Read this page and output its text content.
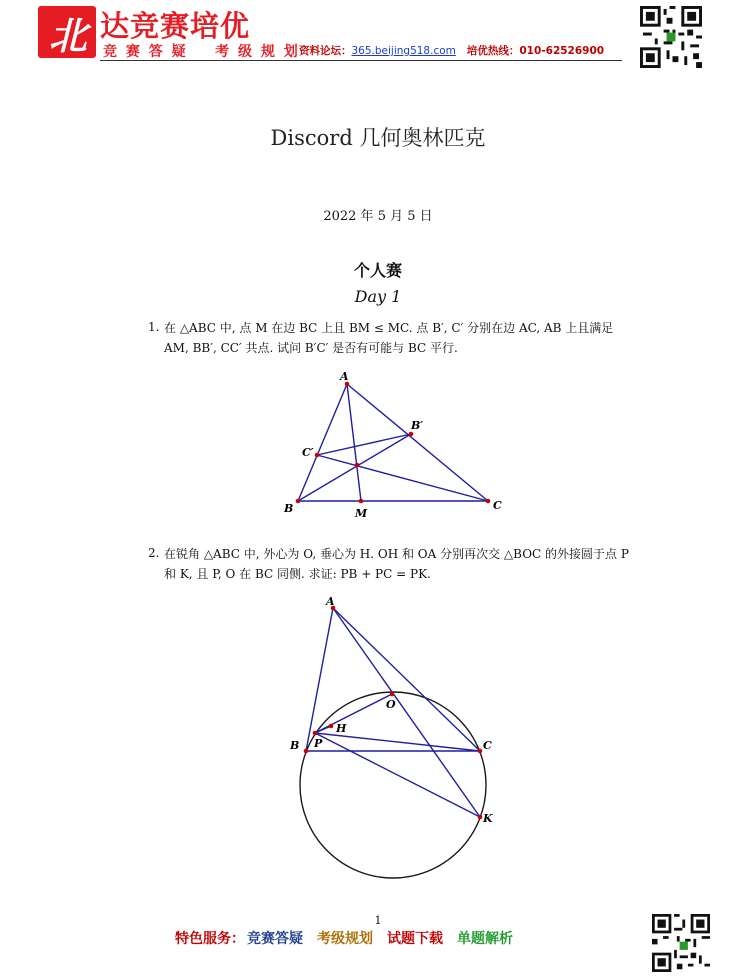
北 达竞赛培优
竞 赛 答 疑    考 级 规 划 资料论坛：365.beijing518.com 培优热线：010-62526900
Discord 几何奥林匹克
2022 年 5 月 5 日
个人赛
Day 1
1. 在 △ABC 中, 点 M 在边 BC 上且 BM ≤ MC. 点 B′, C′ 分别在边 AC, AB 上且满足 AM, BB′, CC′ 共点. 试问 B′C′ 是否有可能与 BC 平行.
A
B	C
M
B′
C′
2. 在锐角 △ABC 中, 外心为 O, 垂心为 H. OH 和 OA 分别再次交 △BOC 的外接圆于点 P 和 K, 且 P, O 在 BC 同侧. 求证: PB + PC = PK.
A
B	C
O
H
P
K
1
特色服务： 竞赛答疑 考级规划 试题下载 单题解析
